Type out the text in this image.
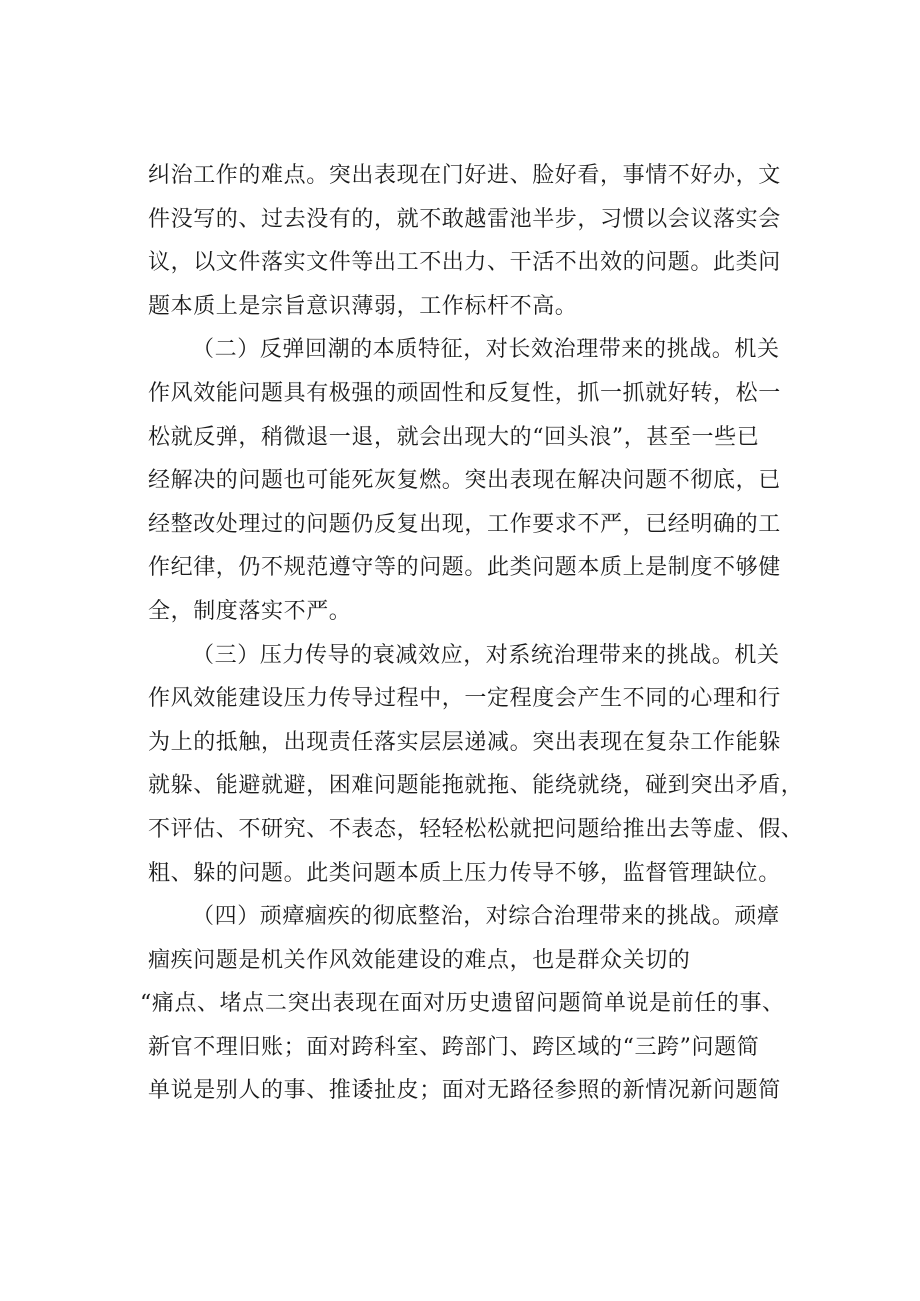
纠治工作的难点。突出表现在门好进、脸好看，事情不好办，文
件没写的、过去没有的，就不敢越雷池半步，习惯以会议落实会
议，以文件落实文件等出工不出力、干活不出效的问题。此类问
题本质上是宗旨意识薄弱，工作标杆不高。
（二）反弹回潮的本质特征，对长效治理带来的挑战。机关
作风效能问题具有极强的顽固性和反复性，抓一抓就好转，松一
松就反弹，稍微退一退，就会出现大的“回头浪”，甚至一些已
经解决的问题也可能死灰复燃。突出表现在解决问题不彻底，已
经整改处理过的问题仍反复出现，工作要求不严，已经明确的工
作纪律，仍不规范遵守等的问题。此类问题本质上是制度不够健
全，制度落实不严。
（三）压力传导的衰减效应，对系统治理带来的挑战。机关
作风效能建设压力传导过程中，一定程度会产生不同的心理和行
为上的抵触，出现责任落实层层递减。突出表现在复杂工作能躲
就躲、能避就避，困难问题能拖就拖、能绕就绕，碰到突出矛盾，
不评估、不研究、不表态，轻轻松松就把问题给推出去等虚、假、
粗、躲的问题。此类问题本质上压力传导不够，监督管理缺位。
（四）顽瘴痼疾的彻底整治，对综合治理带来的挑战。顽瘴
痼疾问题是机关作风效能建设的难点，也是群众关切的
“痛点、堵点二突出表现在面对历史遗留问题简单说是前任的事、
新官不理旧账；面对跨科室、跨部门、跨区域的“三跨”问题简
单说是别人的事、推诿扯皮；面对无路径参照的新情况新问题简
